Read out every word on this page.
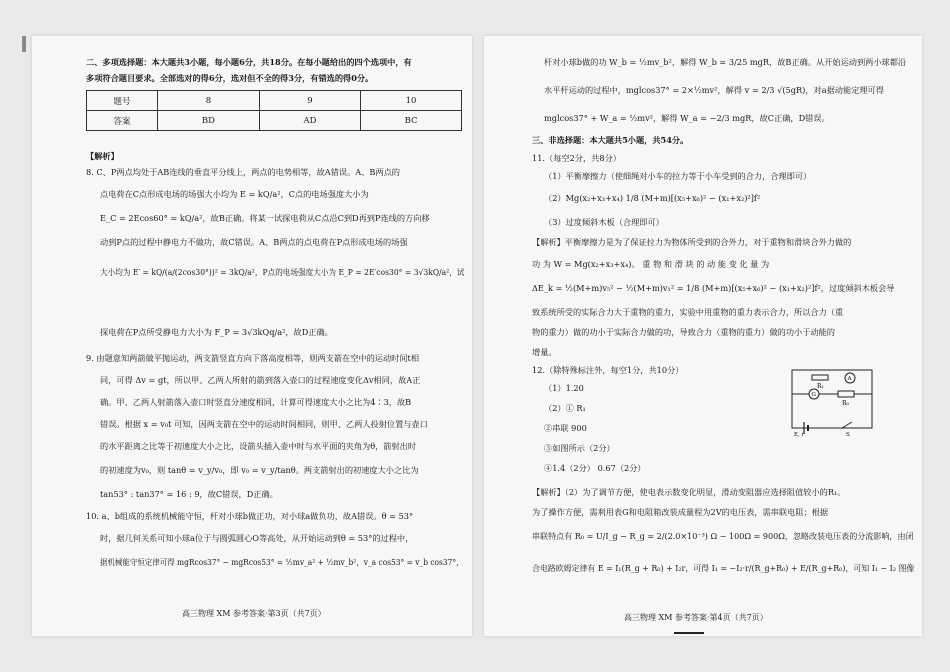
二、多项选择题：本大题共3小题，每小题6分，共18分。在每小题给出的四个选项中，有
多项符合题目要求。全部选对的得6分，选对但不全的得3分，有错选的得0分。
题号	8	9	10
答案	BD	AD	BC
【解析】
8. C、P两点均处于AB连线的垂直平分线上，两点的电势相等，故A错误。A、B两点的
点电荷在C点形成电场的场强大小均为 E = kQ/a²，C点的电场强度大小为
E_C = 2Ecos60° = kQ/a²，故B正确。将某一试探电荷从C点沿C到D再到P连线的方向移
动到P点的过程中静电力不做功，故C错误。A、B两点的点电荷在P点形成电场的场强
大小均为 E′ = kQ/(a/(2cos30°))² = 3kQ/a²，P点的电场强度大小为 E_P = 2E′cos30° = 3√3kQ/a²，试
探电荷在P点所受静电力大小为 F_P = 3√3kQq/a²，故D正确。
9. 由题意知两箭做平抛运动，两支箭竖直方向下落高度相等，则两支箭在空中的运动时间t相
同，可得 Δv = gt，所以甲、乙两人所射的箭到落入壶口的过程速度变化Δv相同，故A正
确。甲、乙两人射箭落入壶口时竖直分速度相同，计算可得速度大小之比为4∶3，故B
错误。根据 x = v₀t 可知，因两支箭在空中的运动时间相同，则甲、乙两人投射位置与壶口
的水平距离之比等于初速度大小之比，设箭头插入壶中时与水平面的夹角为θ，箭射出时
的初速度为v₀，则 tanθ = v_y/v₀，即 v₀ = v_y/tanθ。两支箭射出的初速度大小之比为
tan53° : tan37° = 16 : 9，故C错误，D正确。
10. a、b组成的系统机械能守恒，杆对小球b做正功，对小球a做负功，故A错误。θ = 53°
时，据几何关系可知小球a位于与圆弧圆心O等高处，从开始运动到θ = 53°的过程中，
据机械能守恒定律可得 mgRcos37° − mgRcos53° = ½mv_a² + ½mv_b²，v_a cos53° = v_b cos37°，
高三物理 XM 参考答案·第3页（共7页）
杆对小球b做的功 W_b = ½mv_b²，解得 W_b = 3/25 mgR，故B正确。从开始运动到两小球都沿
水平杆运动的过程中，mglcos37° = 2×½mv²，解得 v = 2/3 √(5gR)，对a据动能定理可得
mglcos37° + W_a = ½mv²，解得 W_a = −2/3 mgR，故C正确，D错误。
三、非选择题：本大题共5小题，共54分。
11.（每空2分，共8分）
（1）平衡摩擦力（使细绳对小车的拉力等于小车受到的合力，合理即可）
（2）Mg(x₂+x₃+x₄) 1/8 (M+m)[(x₅+x₆)² − (x₁+x₂)²]f²
（3）过度倾斜木板（合理即可）
【解析】平衡摩擦力是为了保证拉力为物体所受到的合外力，对于重物和滑块合外力做的
功 为 W = Mg(x₂+x₃+x₄)。 重 物 和 滑 块 的 动 能 变 化 量 为
ΔE_k = ½(M+m)v₅² − ½(M+m)v₁² = 1/8 (M+m)[(x₅+x₆)² − (x₁+x₂)²]f²，过度倾斜木板会导
致系统所受的实际合力大于重物的重力，实验中用重物的重力表示合力，所以合力（重
物的重力）做的功小于实际合力做的功，导致合力（重物的重力）做的功小于动能的
增量。
12.（除特殊标注外，每空1分，共10分）
（1）1.20
（2）① R₁
②串联 900
③如图所示（2分）
④1.4（2分） 0.67（2分）
R₁
A
G
R₀
E, r	S
【解析】（2）为了调节方便，使电表示数变化明显，滑动变阻器应选择阻值较小的R₁。
为了操作方便，需利用表G和电阻箱改装成量程为2V的电压表，需串联电阻；根据
串联特点有 R₀ = U/I_g − R_g = 2/(2.0×10⁻³) Ω − 100Ω = 900Ω，忽略改装电压表的分流影响，由闭
合电路欧姆定律有 E = I₁(R_g + R₀) + I₂r，可得 I₁ = −I₂·r/(R_g+R₀) + E/(R_g+R₀)，可知 I₁ − I₂ 图像
高三物理 XM 参考答案·第4页（共7页）
